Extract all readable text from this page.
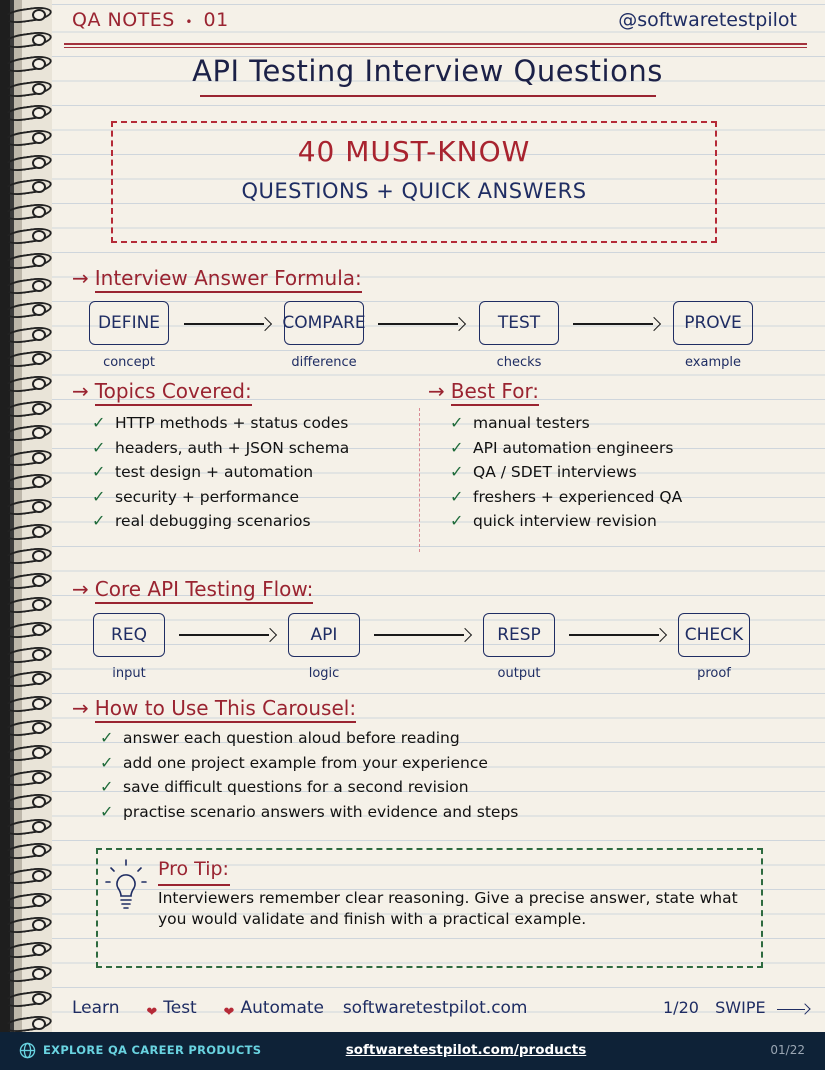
QA NOTES • 01	@softwaretestpilot
API Testing Interview Questions
40 MUST-KNOW
QUESTIONS + QUICK ANSWERS
→ Interview Answer Formula:
DEFINE	COMPARE	TEST	PROVE
concept	difference	checks	example
→ Topics Covered:
✓ HTTP methods + status codes
✓ headers, auth + JSON schema
✓ test design + automation
✓ security + performance
✓ real debugging scenarios
→ Best For:
✓ manual testers
✓ API automation engineers
✓ QA / SDET interviews
✓ freshers + experienced QA
✓ quick interview revision
→ Core API Testing Flow:
REQ	API	RESP	CHECK
input	logic	output	proof
→ How to Use This Carousel:
✓ answer each question aloud before reading
✓ add one project example from your experience
✓ save difficult questions for a second revision
✓ practise scenario answers with evidence and steps
Pro Tip:
Interviewers remember clear reasoning. Give a precise answer, state what you would validate and finish with a practical example.
Learn ❤ Test ❤ Automate softwaretestpilot.com	1/20 SWIPE
EXPLORE QA CAREER PRODUCTS	softwaretestpilot.com/products	01/22
